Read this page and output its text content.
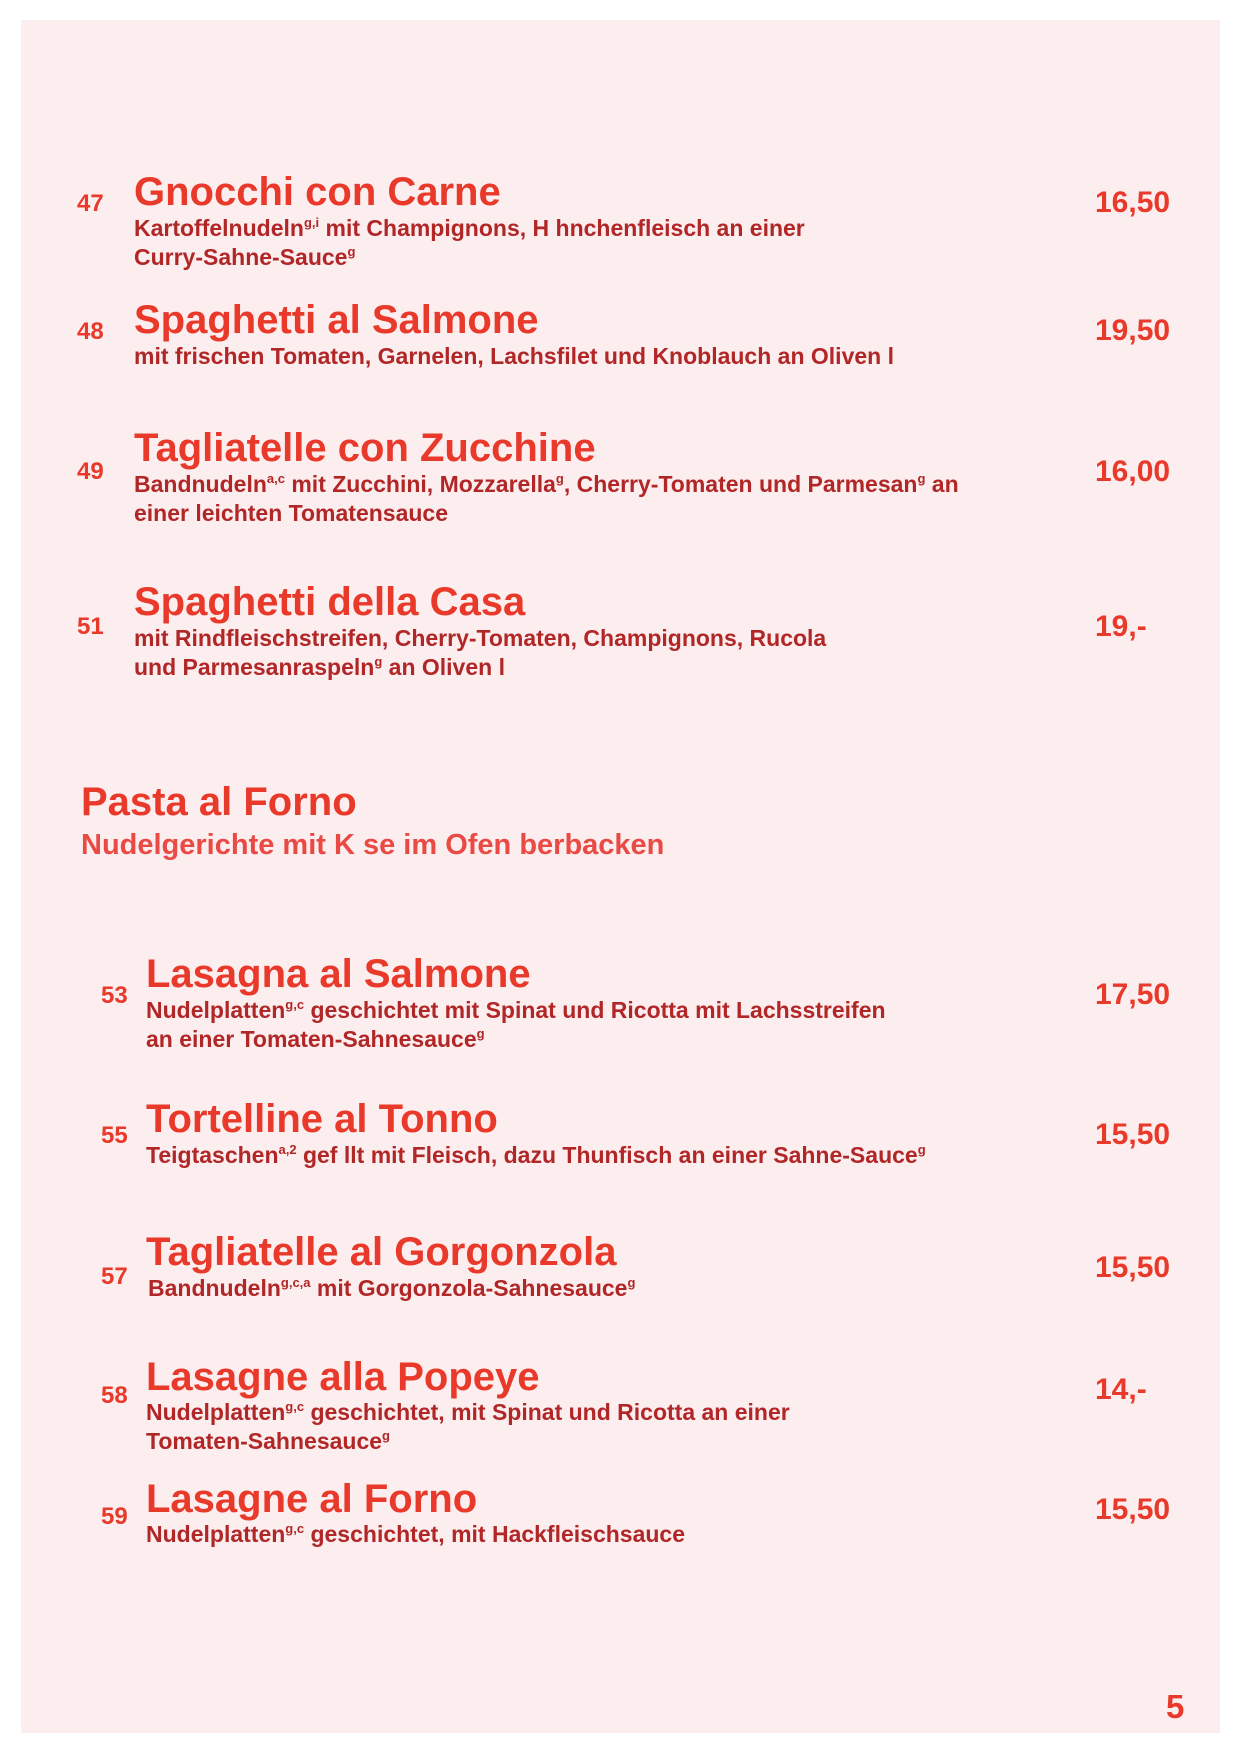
47 Gnocchi con Carne
Kartoffelnudeln$^{g,i}$ mit Champignons, H hnchenfleisch an einer
Curry-Sahne-Sauce$^g$
16,50
48 Spaghetti al Salmone
mit frischen Tomaten, Garnelen, Lachsfilet und Knoblauch an Oliven l
19,50
49
Tagliatelle con Zucchine
Bandnudeln$^{a,c}$ mit Zucchini, Mozzarella$^g$, Cherry-Tomaten und Parmesan$^g$ an
einer leichten Tomatensauce
16,00
51
Spaghetti della Casa
mit Rindfleischstreifen, Cherry-Tomaten, Champignons, Rucola
und Parmesanraspeln$^g$ an Oliven l
19,-
Pasta al Forno
Nudelgerichte mit K se im Ofen berbacken
53 Lasagna al Salmone
Nudelplatten$^{g,c}$ geschichtet mit Spinat und Ricotta mit Lachsstreifen
an einer Tomaten-Sahnesauce$^g$
17,50
55 Tortelline al Tonno
Teigtaschen$^{a,2}$ gef llt mit Fleisch, dazu Thunfisch an einer Sahne-Sauce$^g$	15,50
57
Tagliatelle al Gorgonzola
Bandnudeln$^{g,c,a}$ mit Gorgonzola-Sahnesauce$^g$	15,50
58 Lasagne alla Popeye
Nudelplatten$^{g,c}$ geschichtet, mit Spinat und Ricotta an einer
Tomaten-Sahnesauce$^g$
14,-
59 Lasagne al Forno
Nudelplatten$^{g,c}$ geschichtet, mit Hackfleischsauce
15,50
5
